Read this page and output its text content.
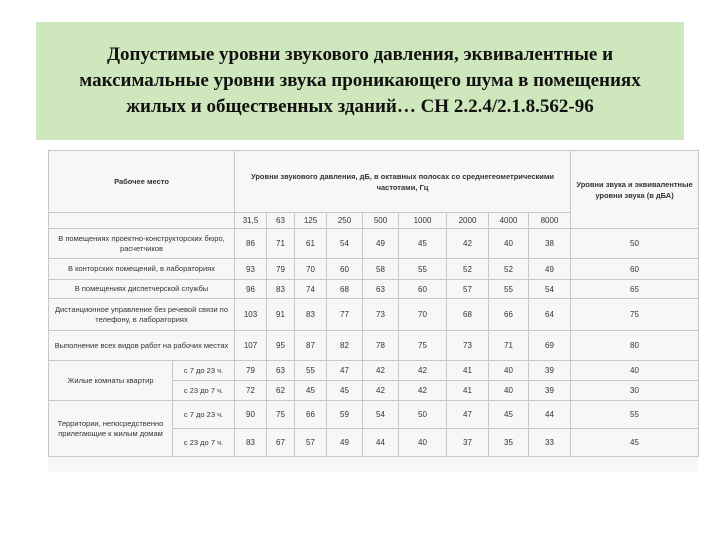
Допустимые уровни звукового давления, эквивалентные и максимальные уровни звука проникающего шума в помещениях жилых и общественных зданий… СН 2.2.4/2.1.8.562-96
Рабочее место		Уровни звукового давления, дБ, в октавных полосах со среднегеометрическими частотами, Гц									Уровни звука и эквивалентные уровни звука (в дБА)
		31,5	63	125	250	500	1000	2000	4000	8000	
В помещениях проектно-конструкторских бюро, расчетчиков		86	71	61	54	49	45	42	40	38	50
В конторских помещений, в лабораториях		93	79	70	60	58	55	52	52	49	60
В помещениях диспетчерской службы		96	83	74	68	63	60	57	55	54	65
Дистанционное управление без речевой связи по телефону, в лабораториях		103	91	83	77	73	70	68	66	64	75
Выполнение всех видов работ на рабочих местах		107	95	87	82	78	75	73	71	69	80
Жилые комнаты квартир	с 7 до 23 ч.	79	63	55	47	42	42	41	40	39	40
	с 23 до 7 ч.	72	62	45	45	42	42	41	40	39	30
Территории, непосредственно прилегающие к жилым домам	с 7 до 23 ч.	90	75	66	59	54	50	47	45	44	55
	с 23 до 7 ч.	83	67	57	49	44	40	37	35	33	45
